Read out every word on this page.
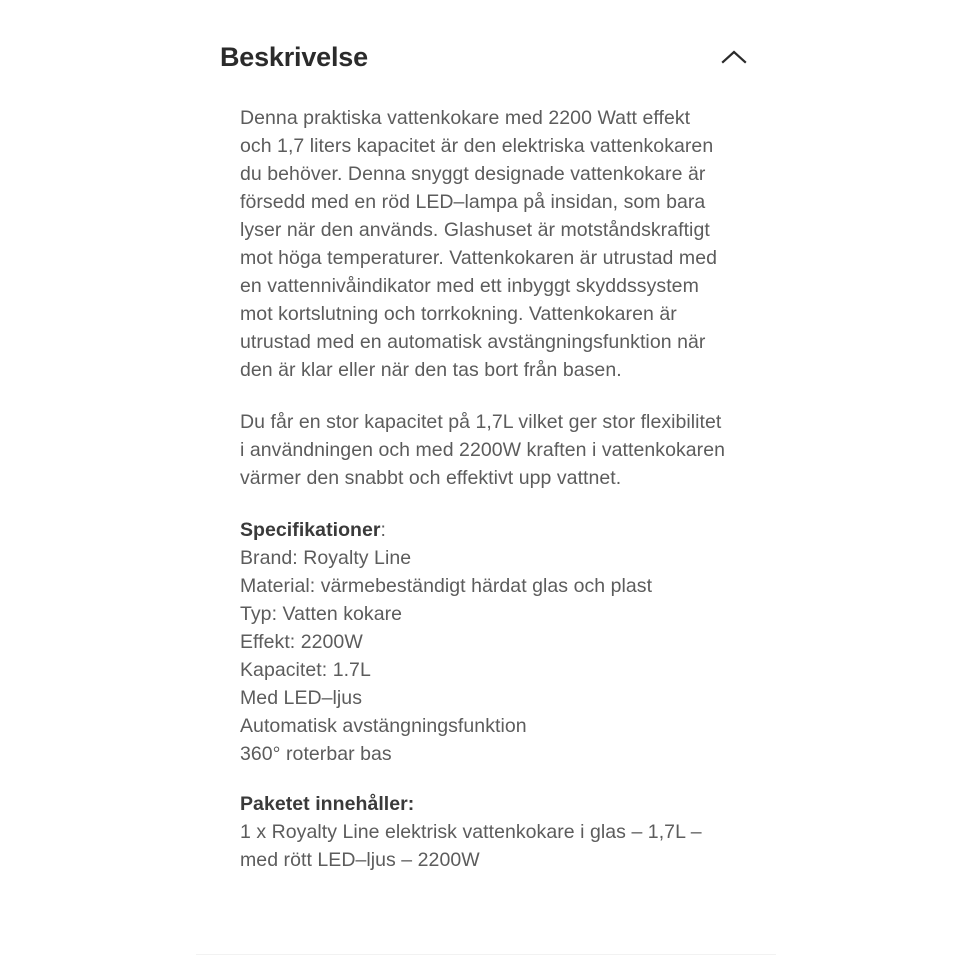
Beskrivelse

Denna praktiska vattenkokare med 2200 Watt effekt och 1,7 liters kapacitet är den elektriska vattenkokaren du behöver. Denna snyggt designade vattenkokare är försedd med en röd LED–lampa på insidan, som bara lyser när den används. Glashuset är motståndskraftigt mot höga temperaturer. Vattenkokaren är utrustad med en vattennivåindikator med ett inbyggt skyddssystem mot kortslutning och torrkokning. Vattenkokaren är utrustad med en automatisk avstängningsfunktion när den är klar eller när den tas bort från basen.

Du får en stor kapacitet på 1,7L vilket ger stor flexibilitet i användningen och med 2200W kraften i vattenkokaren värmer den snabbt och effektivt upp vattnet.

Specifikationer:
Brand: Royalty Line
Material: värmebeständigt härdat glas och plast
Typ: Vatten kokare
Effekt: 2200W
Kapacitet: 1.7L
Med LED–ljus
Automatisk avstängningsfunktion
360° roterbar bas
Paketet innehåller:
1 x Royalty Line elektrisk vattenkokare i glas – 1,7L – med rött LED–ljus – 2200W
